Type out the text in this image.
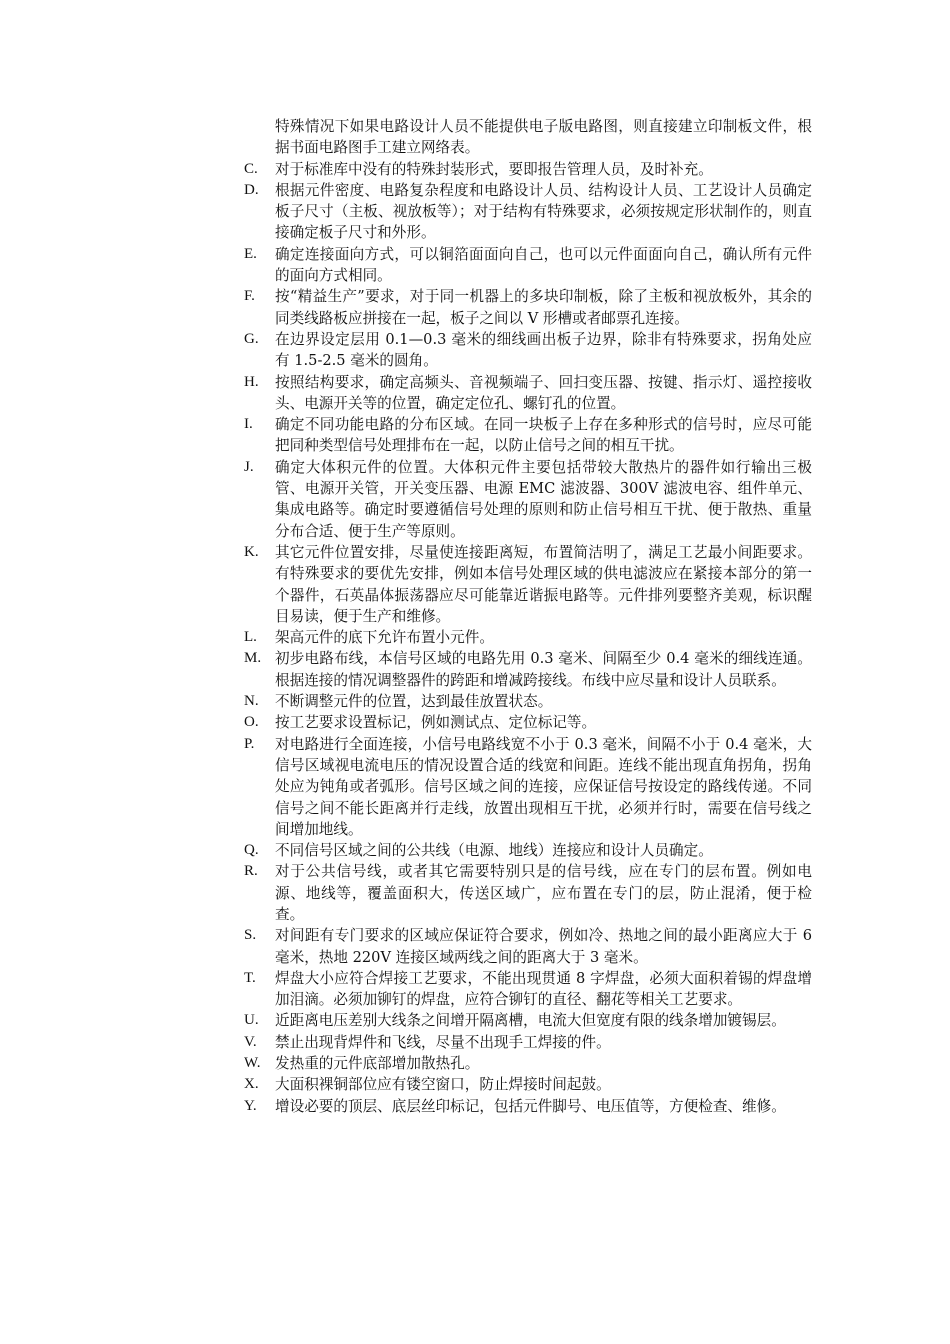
特殊情况下如果电路设计人员不能提供电子版电路图，则直接建立印制板文件，根据书面电路图手工建立网络表。
C. 对于标准库中没有的特殊封装形式，要即报告管理人员，及时补充。
D. 根据元件密度、电路复杂程度和电路设计人员、结构设计人员、工艺设计人员确定板子尺寸（主板、视放板等）；对于结构有特殊要求，必须按规定形状制作的，则直接确定板子尺寸和外形。
E. 确定连接面向方式，可以铜箔面面向自己，也可以元件面面向自己，确认所有元件的面向方式相同。
F. 按“精益生产”要求，对于同一机器上的多块印制板，除了主板和视放板外，其余的同类线路板应拼接在一起，板子之间以 V 形槽或者邮票孔连接。
G. 在边界设定层用 0.1—0.3 毫米的细线画出板子边界，除非有特殊要求，拐角处应有 1.5-2.5 毫米的圆角。
H. 按照结构要求，确定高频头、音视频端子、回扫变压器、按键、指示灯、遥控接收头、电源开关等的位置，确定定位孔、螺钉孔的位置。
I. 确定不同功能电路的分布区域。在同一块板子上存在多种形式的信号时，应尽可能把同种类型信号处理排布在一起，以防止信号之间的相互干扰。
J. 确定大体积元件的位置。大体积元件主要包括带较大散热片的器件如行输出三极管、电源开关管，开关变压器、电源 EMC 滤波器、300V 滤波电容、组件单元、集成电路等。确定时要遵循信号处理的原则和防止信号相互干扰、便于散热、重量分布合适、便于生产等原则。
K. 其它元件位置安排，尽量使连接距离短，布置简洁明了，满足工艺最小间距要求。有特殊要求的要优先安排，例如本信号处理区域的供电滤波应在紧接本部分的第一个器件，石英晶体振荡器应尽可能靠近谐振电路等。元件排列要整齐美观，标识醒目易读，便于生产和维修。
L. 架高元件的底下允许布置小元件。
M. 初步电路布线，本信号区域的电路先用 0.3 毫米、间隔至少 0.4 毫米的细线连通。根据连接的情况调整器件的跨距和增减跨接线。布线中应尽量和设计人员联系。
N. 不断调整元件的位置，达到最佳放置状态。
O. 按工艺要求设置标记，例如测试点、定位标记等。
P. 对电路进行全面连接，小信号电路线宽不小于 0.3 毫米，间隔不小于 0.4 毫米，大信号区域视电流电压的情况设置合适的线宽和间距。连线不能出现直角拐角，拐角处应为钝角或者弧形。信号区域之间的连接，应保证信号按设定的路线传递。不同信号之间不能长距离并行走线，放置出现相互干扰，必须并行时，需要在信号线之间增加地线。
Q. 不同信号区域之间的公共线（电源、地线）连接应和设计人员确定。
R. 对于公共信号线，或者其它需要特别只是的信号线，应在专门的层布置。例如电源、地线等，覆盖面积大，传送区域广，应布置在专门的层，防止混淆，便于检查。
S. 对间距有专门要求的区域应保证符合要求，例如冷、热地之间的最小距离应大于 6 毫米，热地 220V 连接区域两线之间的距离大于 3 毫米。
T. 焊盘大小应符合焊接工艺要求，不能出现贯通 8 字焊盘，必须大面积着锡的焊盘增加泪滴。必须加铆钉的焊盘，应符合铆钉的直径、翻花等相关工艺要求。
U. 近距离电压差别大线条之间增开隔离槽，电流大但宽度有限的线条增加镀锡层。
V. 禁止出现背焊件和飞线，尽量不出现手工焊接的件。
W. 发热重的元件底部增加散热孔。
X. 大面积裸铜部位应有镂空窗口，防止焊接时间起鼓。
Y. 增设必要的顶层、底层丝印标记，包括元件脚号、电压值等，方便检查、维修。
